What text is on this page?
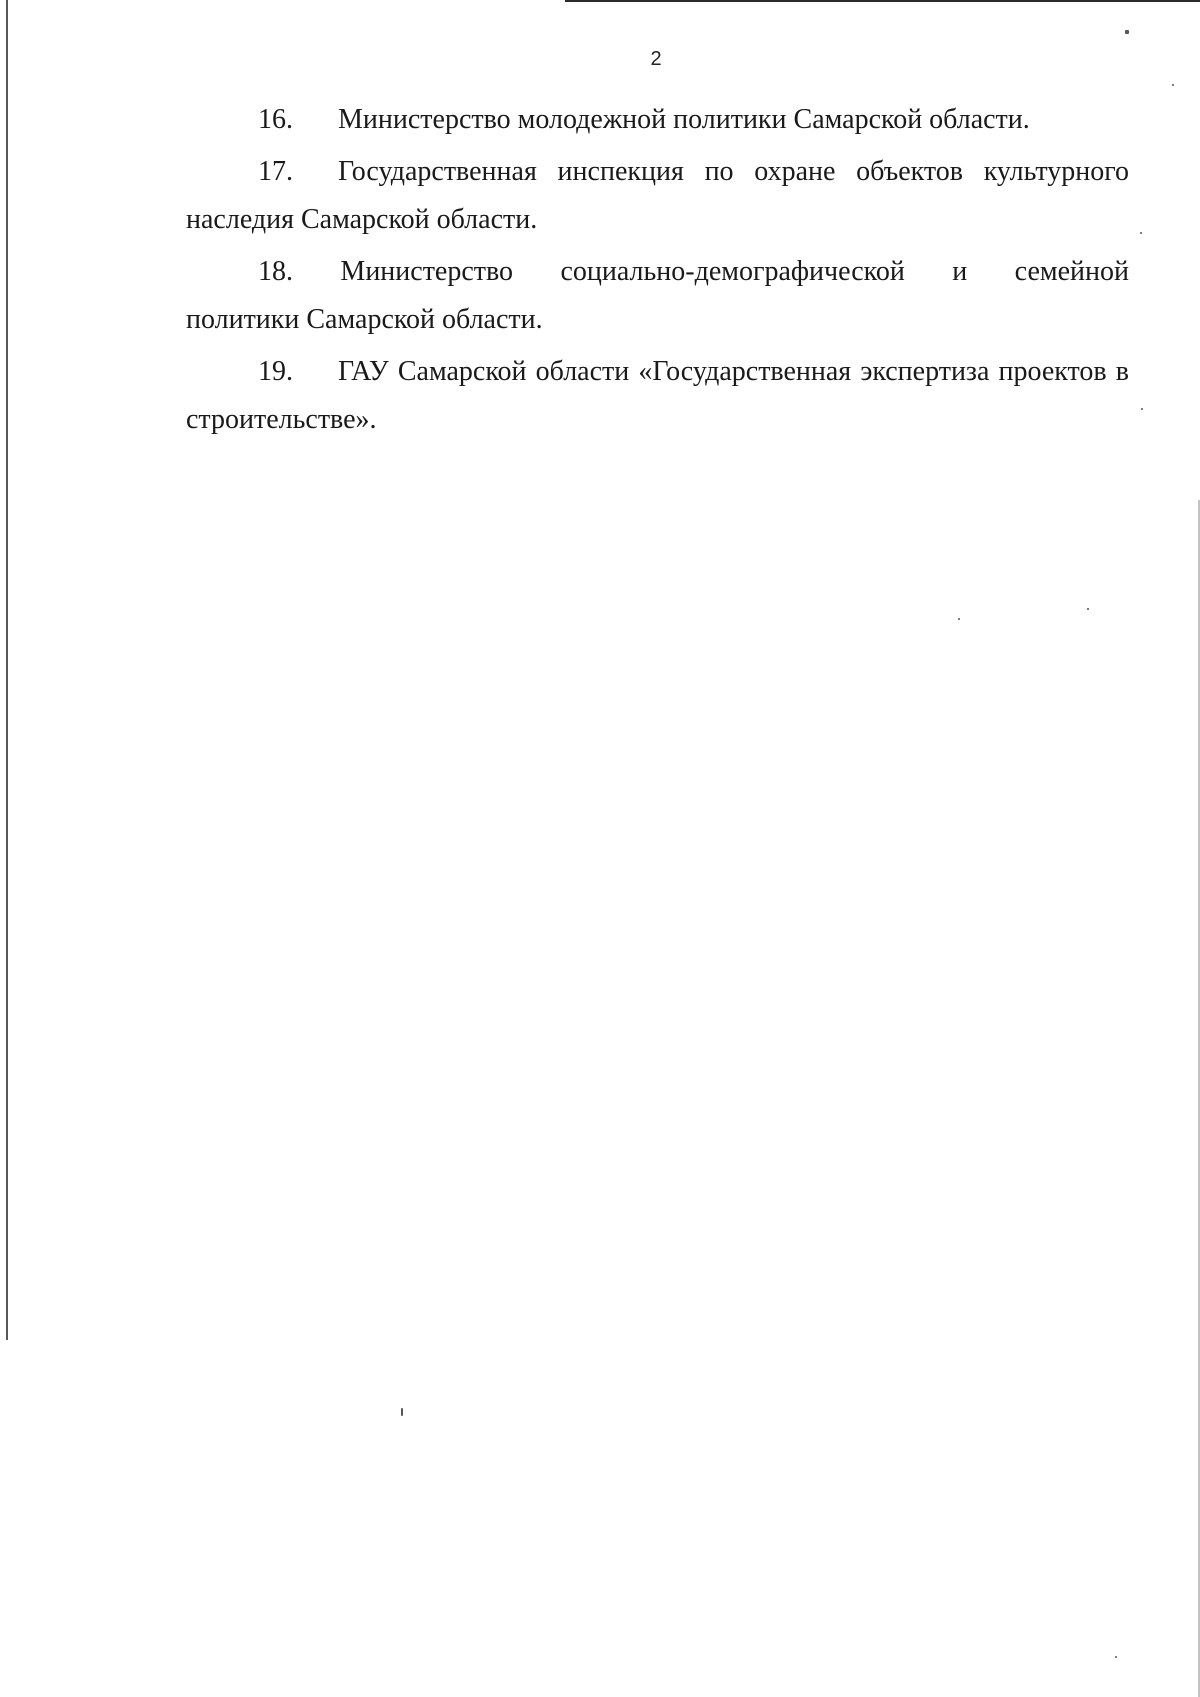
2

16. Министерство молодежной политики Самарской области.

17. Государственная инспекция по охране объектов культурного наследия Самарской области.

18. Министерство социально-демографической и семейной
политики Самарской области.

19. ГАУ Самарской области «Государственная экспертиза проектов в строительстве».
